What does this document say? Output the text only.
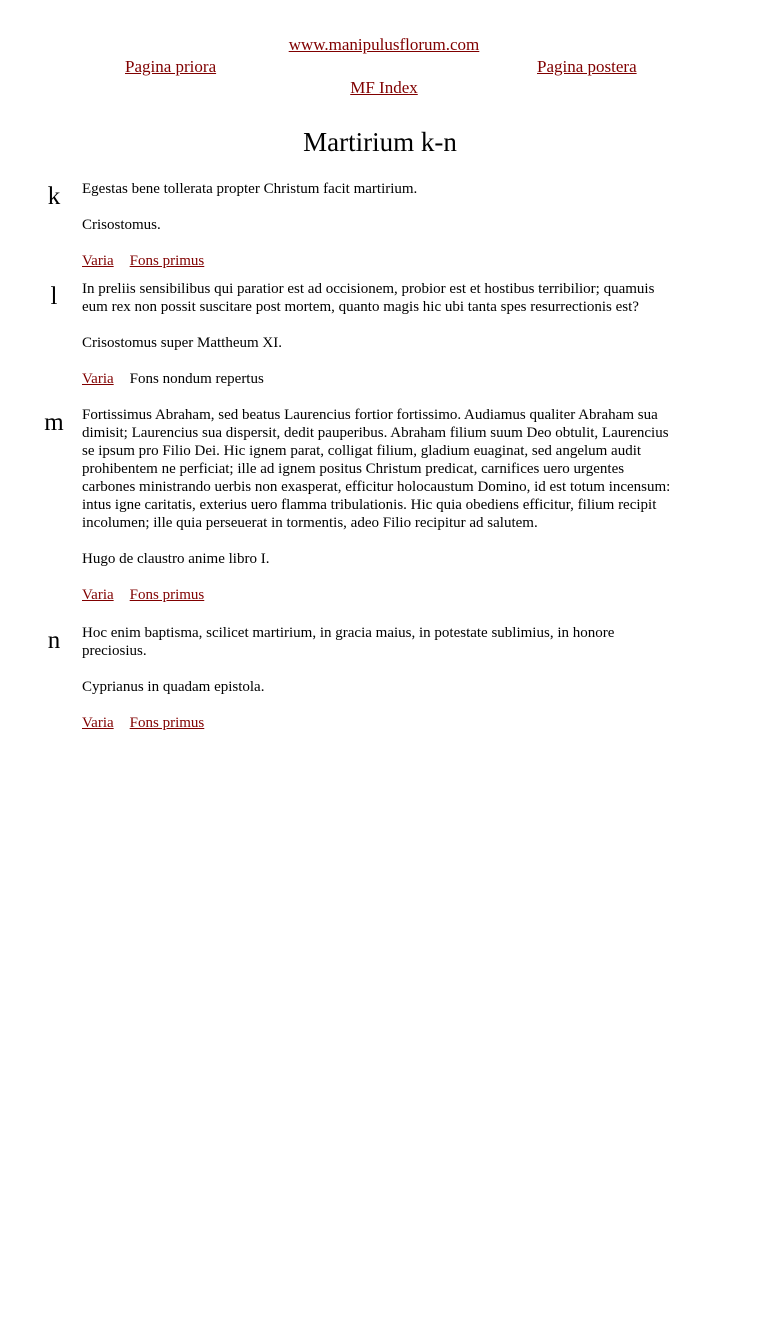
www.manipulusflorum.com
Pagina priora	Pagina postera
MF Index
Martirium k-n
k	Egestas bene tollerata propter Christum facit martirium.

Crisostomus.

Varia Fons primus
l	In preliis sensibilibus qui paratior est ad occisionem, probior est et hostibus terribilior; quamuis eum rex non possit suscitare post mortem, quanto magis hic ubi tanta spes resurrectionis est?

Crisostomus super Mattheum XI.

Varia Fons nondum repertus
m Fortissimus Abraham, sed beatus Laurencius fortior fortissimo. Audiamus qualiter Abraham sua dimisit; Laurencius sua dispersit, dedit pauperibus. Abraham filium suum Deo obtulit, Laurencius se ipsum pro Filio Dei. Hic ignem parat, colligat filium, gladium euaginat, sed angelum audit prohibentem ne perficiat; ille ad ignem positus Christum predicat, carnifices uero urgentes carbones ministrando uerbis non exasperat, efficitur holocaustum Domino, id est totum incensum: intus igne caritatis, exterius uero flamma tribulationis. Hic quia obediens efficitur, filium recipit incolumen; ille quia perseuerat in tormentis, adeo Filio recipitur ad salutem.

Hugo de claustro anime libro I.

Varia Fons primus
n	Hoc enim baptisma, scilicet martirium, in gracia maius, in potestate sublimius, in honore preciosius.

Cyprianus in quadam epistola.

Varia Fons primus
